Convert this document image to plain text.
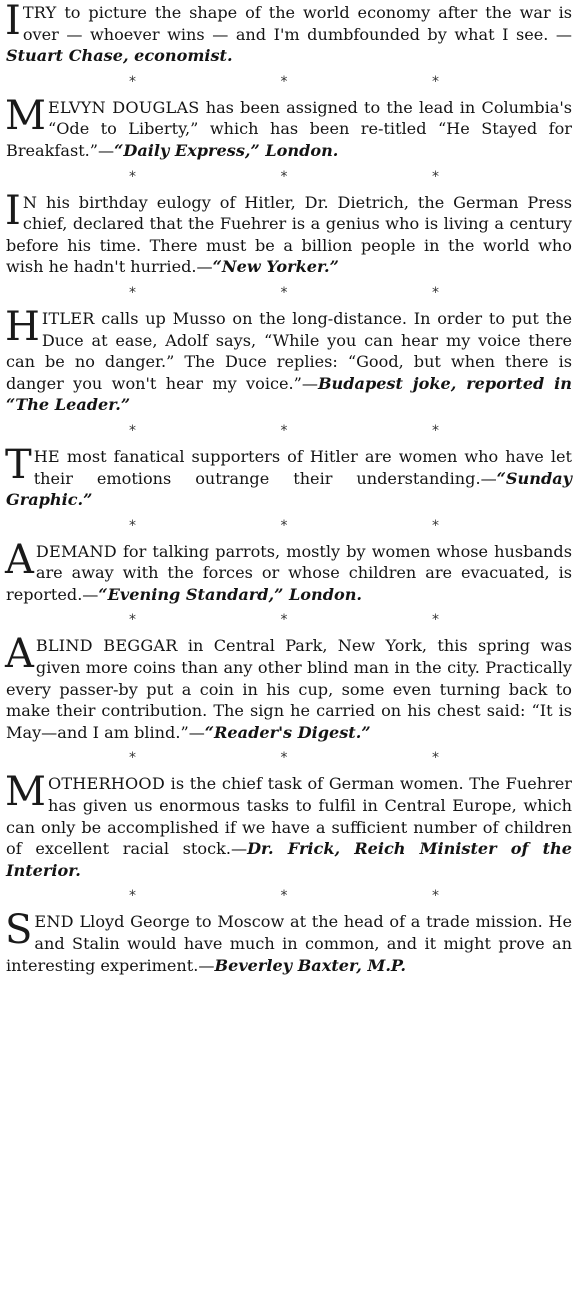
I TRY to picture the shape of the world economy after the war is over — whoever wins — and I'm dumbfounded by what I see. — Stuart Chase, economist.

* * *
M ELVYN DOUGLAS has been assigned to the lead in Columbia's “Ode to Liberty,” which has been re-titled “He Stayed for Breakfast.”—“Daily Express,” London.

* * *
I N his birthday eulogy of Hitler, Dr. Dietrich, the German Press chief, declared that the Fuehrer is a genius who is living a century before his time. There must be a billion people in the world who wish he hadn't hurried.—“New Yorker.”

* * *
H ITLER calls up Musso on the long-distance. In order to put the Duce at ease, Adolf says, “While you can hear my voice there can be no danger.” The Duce replies: “Good, but when there is danger you won't hear my voice.”—Budapest joke, reported in “The Leader.”

* * *
T HE most fanatical supporters of Hitler are women who have let their emotions outrange their understanding.—“Sunday Graphic.”

* * *
A DEMAND for talking parrots, mostly by women whose husbands are away with the forces or whose children are evacuated, is reported.—“Evening Standard,” London.

* * *
A BLIND BEGGAR in Central Park, New York, this spring was given more coins than any other blind man in the city. Practically every passer-by put a coin in his cup, some even turning back to make their contribution. The sign he carried on his chest said: “It is May—and I am blind.”—“Reader's Digest.”

* * *
M OTHERHOOD is the chief task of German women. The Fuehrer has given us enormous tasks to fulfil in Central Europe, which can only be accomplished if we have a sufficient number of children of excellent racial stock.—Dr. Frick, Reich Minister of the Interior.

* * *
S END Lloyd George to Moscow at the head of a trade mission. He and Stalin would have much in common, and it might prove an interesting experiment.—Beverley Baxter, M.P.
